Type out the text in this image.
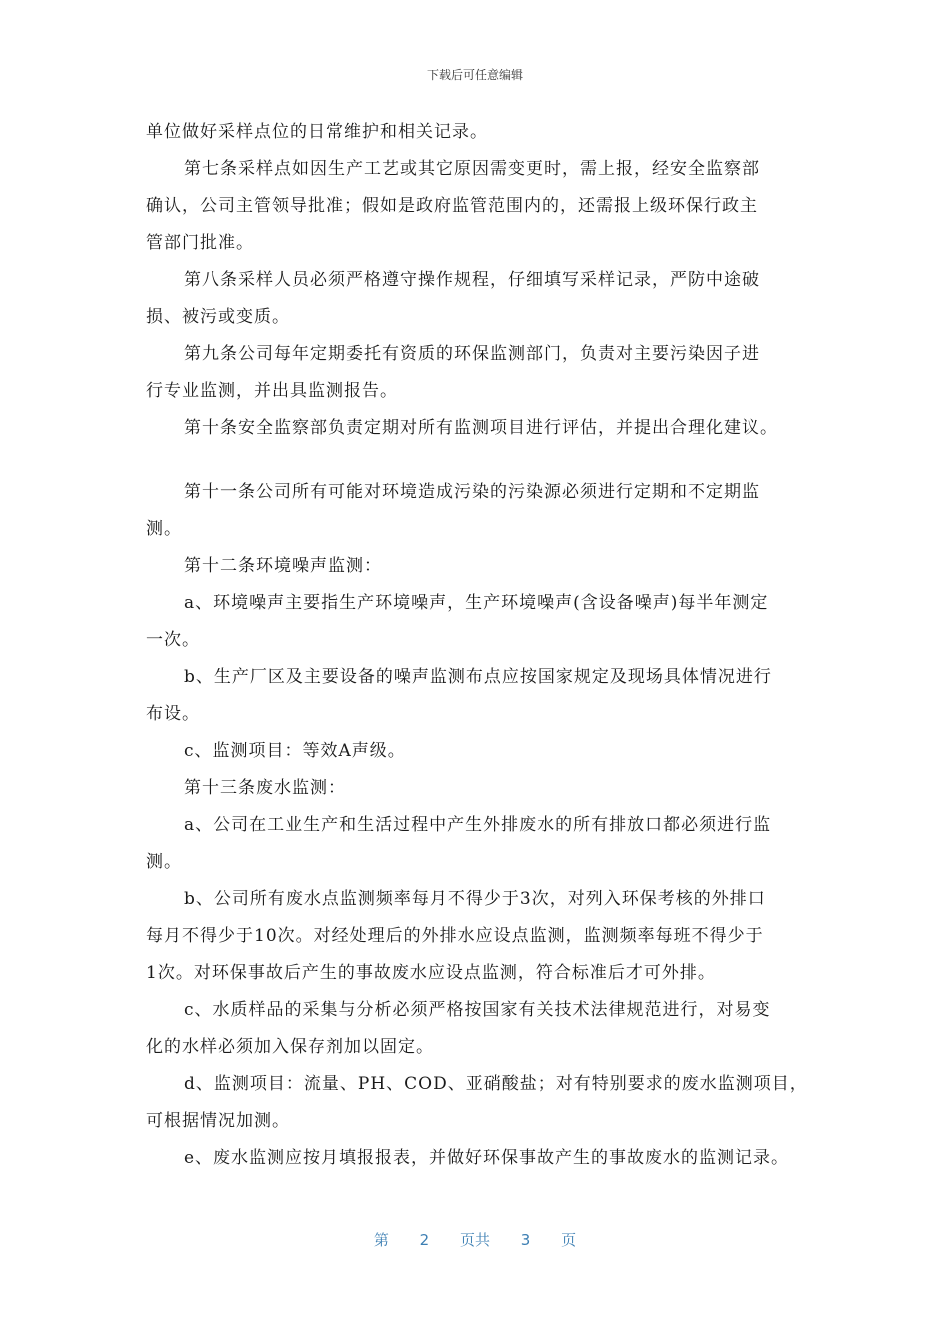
下载后可任意编辑
单位做好采样点位的日常维护和相关记录。
第七条采样点如因生产工艺或其它原因需变更时，需上报，经安全监察部
确认，公司主管领导批准；假如是政府监管范围内的，还需报上级环保行政主
管部门批准。
第八条采样人员必须严格遵守操作规程，仔细填写采样记录，严防中途破
损、被污或变质。
第九条公司每年定期委托有资质的环保监测部门，负责对主要污染因子进
行专业监测，并出具监测报告。
第十条安全监察部负责定期对所有监测项目进行评估，并提出合理化建议。
第十一条公司所有可能对环境造成污染的污染源必须进行定期和不定期监
测。
第十二条环境噪声监测：
a、环境噪声主要指生产环境噪声，生产环境噪声(含设备噪声)每半年测定
一次。
b、生产厂区及主要设备的噪声监测布点应按国家规定及现场具体情况进行
布设。
c、监测项目：等效A声级。
第十三条废水监测：
a、公司在工业生产和生活过程中产生外排废水的所有排放口都必须进行监
测。
b、公司所有废水点监测频率每月不得少于3次，对列入环保考核的外排口
每月不得少于10次。对经处理后的外排水应设点监测，监测频率每班不得少于
1次。对环保事故后产生的事故废水应设点监测，符合标准后才可外排。
c、水质样品的采集与分析必须严格按国家有关技术法律规范进行，对易变
化的水样必须加入保存剂加以固定。
d、监测项目：流量、PH、COD、亚硝酸盐；对有特别要求的废水监测项目，
可根据情况加测。
e、废水监测应按月填报报表，并做好环保事故产生的事故废水的监测记录。
第 2 页共 3 页
